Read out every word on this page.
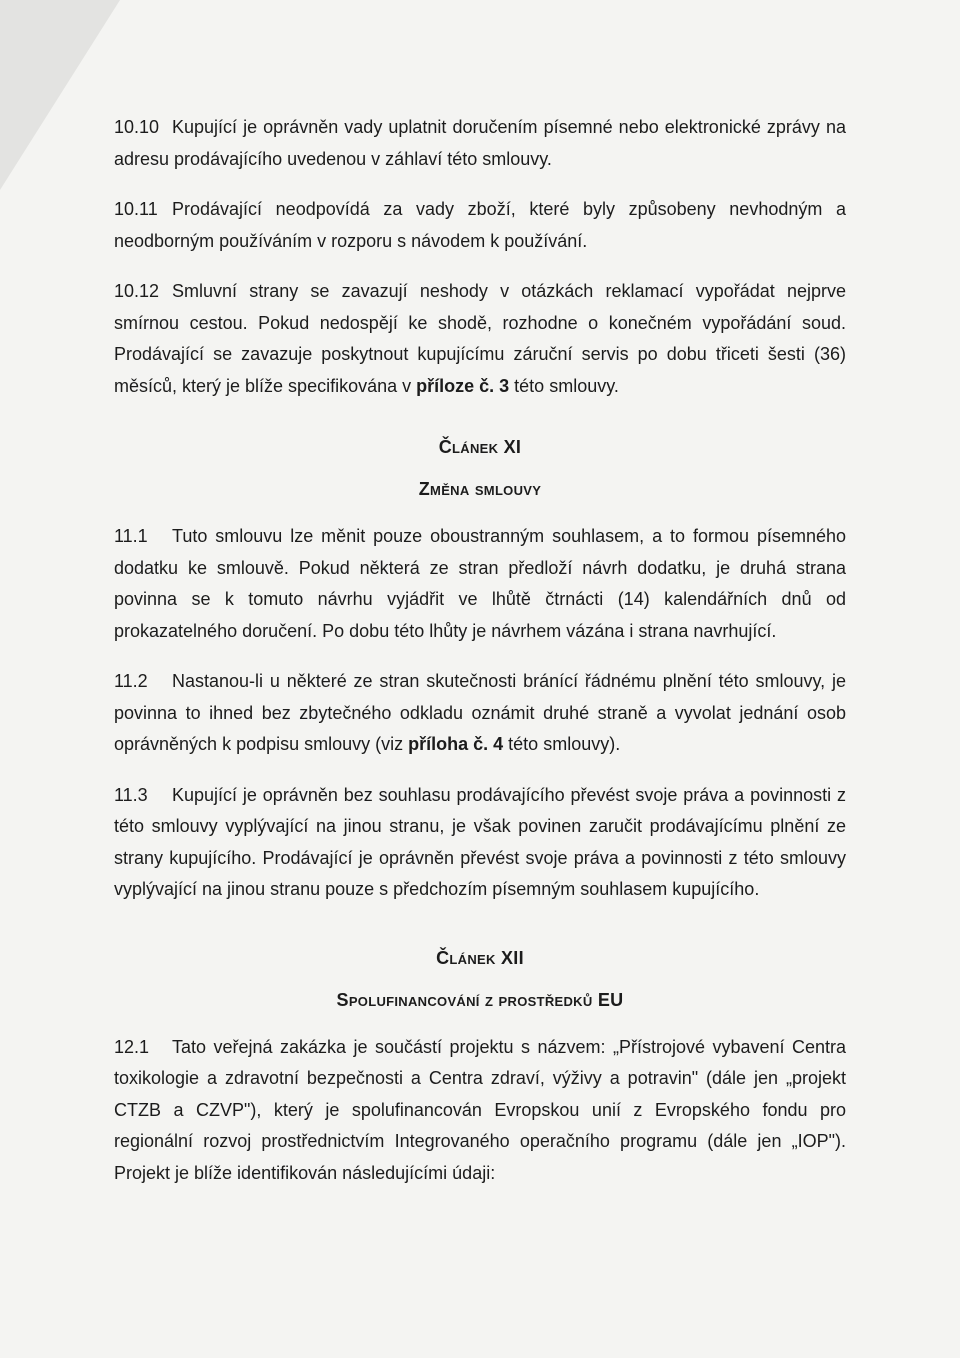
10.10 Kupující je oprávněn vady uplatnit doručením písemné nebo elektronické zprávy na adresu prodávajícího uvedenou v záhlaví této smlouvy.
10.11 Prodávající neodpovídá za vady zboží, které byly způsobeny nevhodným a neodborným používáním v rozporu s návodem k používání.
10.12 Smluvní strany se zavazují neshody v otázkách reklamací vypořádat nejprve smírnou cestou. Pokud nedospějí ke shodě, rozhodne o konečném vypořádání soud. Prodávající se zavazuje poskytnout kupujícímu záruční servis po dobu třiceti šesti (36) měsíců, který je blíže specifikována v příloze č. 3 této smlouvy.
Článek XI
Změna smlouvy
11.1 Tuto smlouvu lze měnit pouze oboustranným souhlasem, a to formou písemného dodatku ke smlouvě. Pokud některá ze stran předloží návrh dodatku, je druhá strana povinna se k tomuto návrhu vyjádřit ve lhůtě čtrnácti (14) kalendářních dnů od prokazatelného doručení. Po dobu této lhůty je návrhem vázána i strana navrhující.
11.2 Nastanou-li u některé ze stran skutečnosti bránící řádnému plnění této smlouvy, je povinna to ihned bez zbytečného odkladu oznámit druhé straně a vyvolat jednání osob oprávněných k podpisu smlouvy (viz příloha č. 4 této smlouvy).
11.3 Kupující je oprávněn bez souhlasu prodávajícího převést svoje práva a povinnosti z této smlouvy vyplývající na jinou stranu, je však povinen zaručit prodávajícímu plnění ze strany kupujícího. Prodávající je oprávněn převést svoje práva a povinnosti z této smlouvy vyplývající na jinou stranu pouze s předchozím písemným souhlasem kupujícího.
Článek XII
Spolufinancování z prostředků EU
12.1 Tato veřejná zakázka je součástí projektu s názvem: „Přístrojové vybavení Centra toxikologie a zdravotní bezpečnosti a Centra zdraví, výživy a potravin" (dále jen „projekt CTZB a CZVP"), který je spolufinancován Evropskou unií z Evropského fondu pro regionální rozvoj prostřednictvím Integrovaného operačního programu (dále jen „IOP"). Projekt je blíže identifikován následujícími údaji:
